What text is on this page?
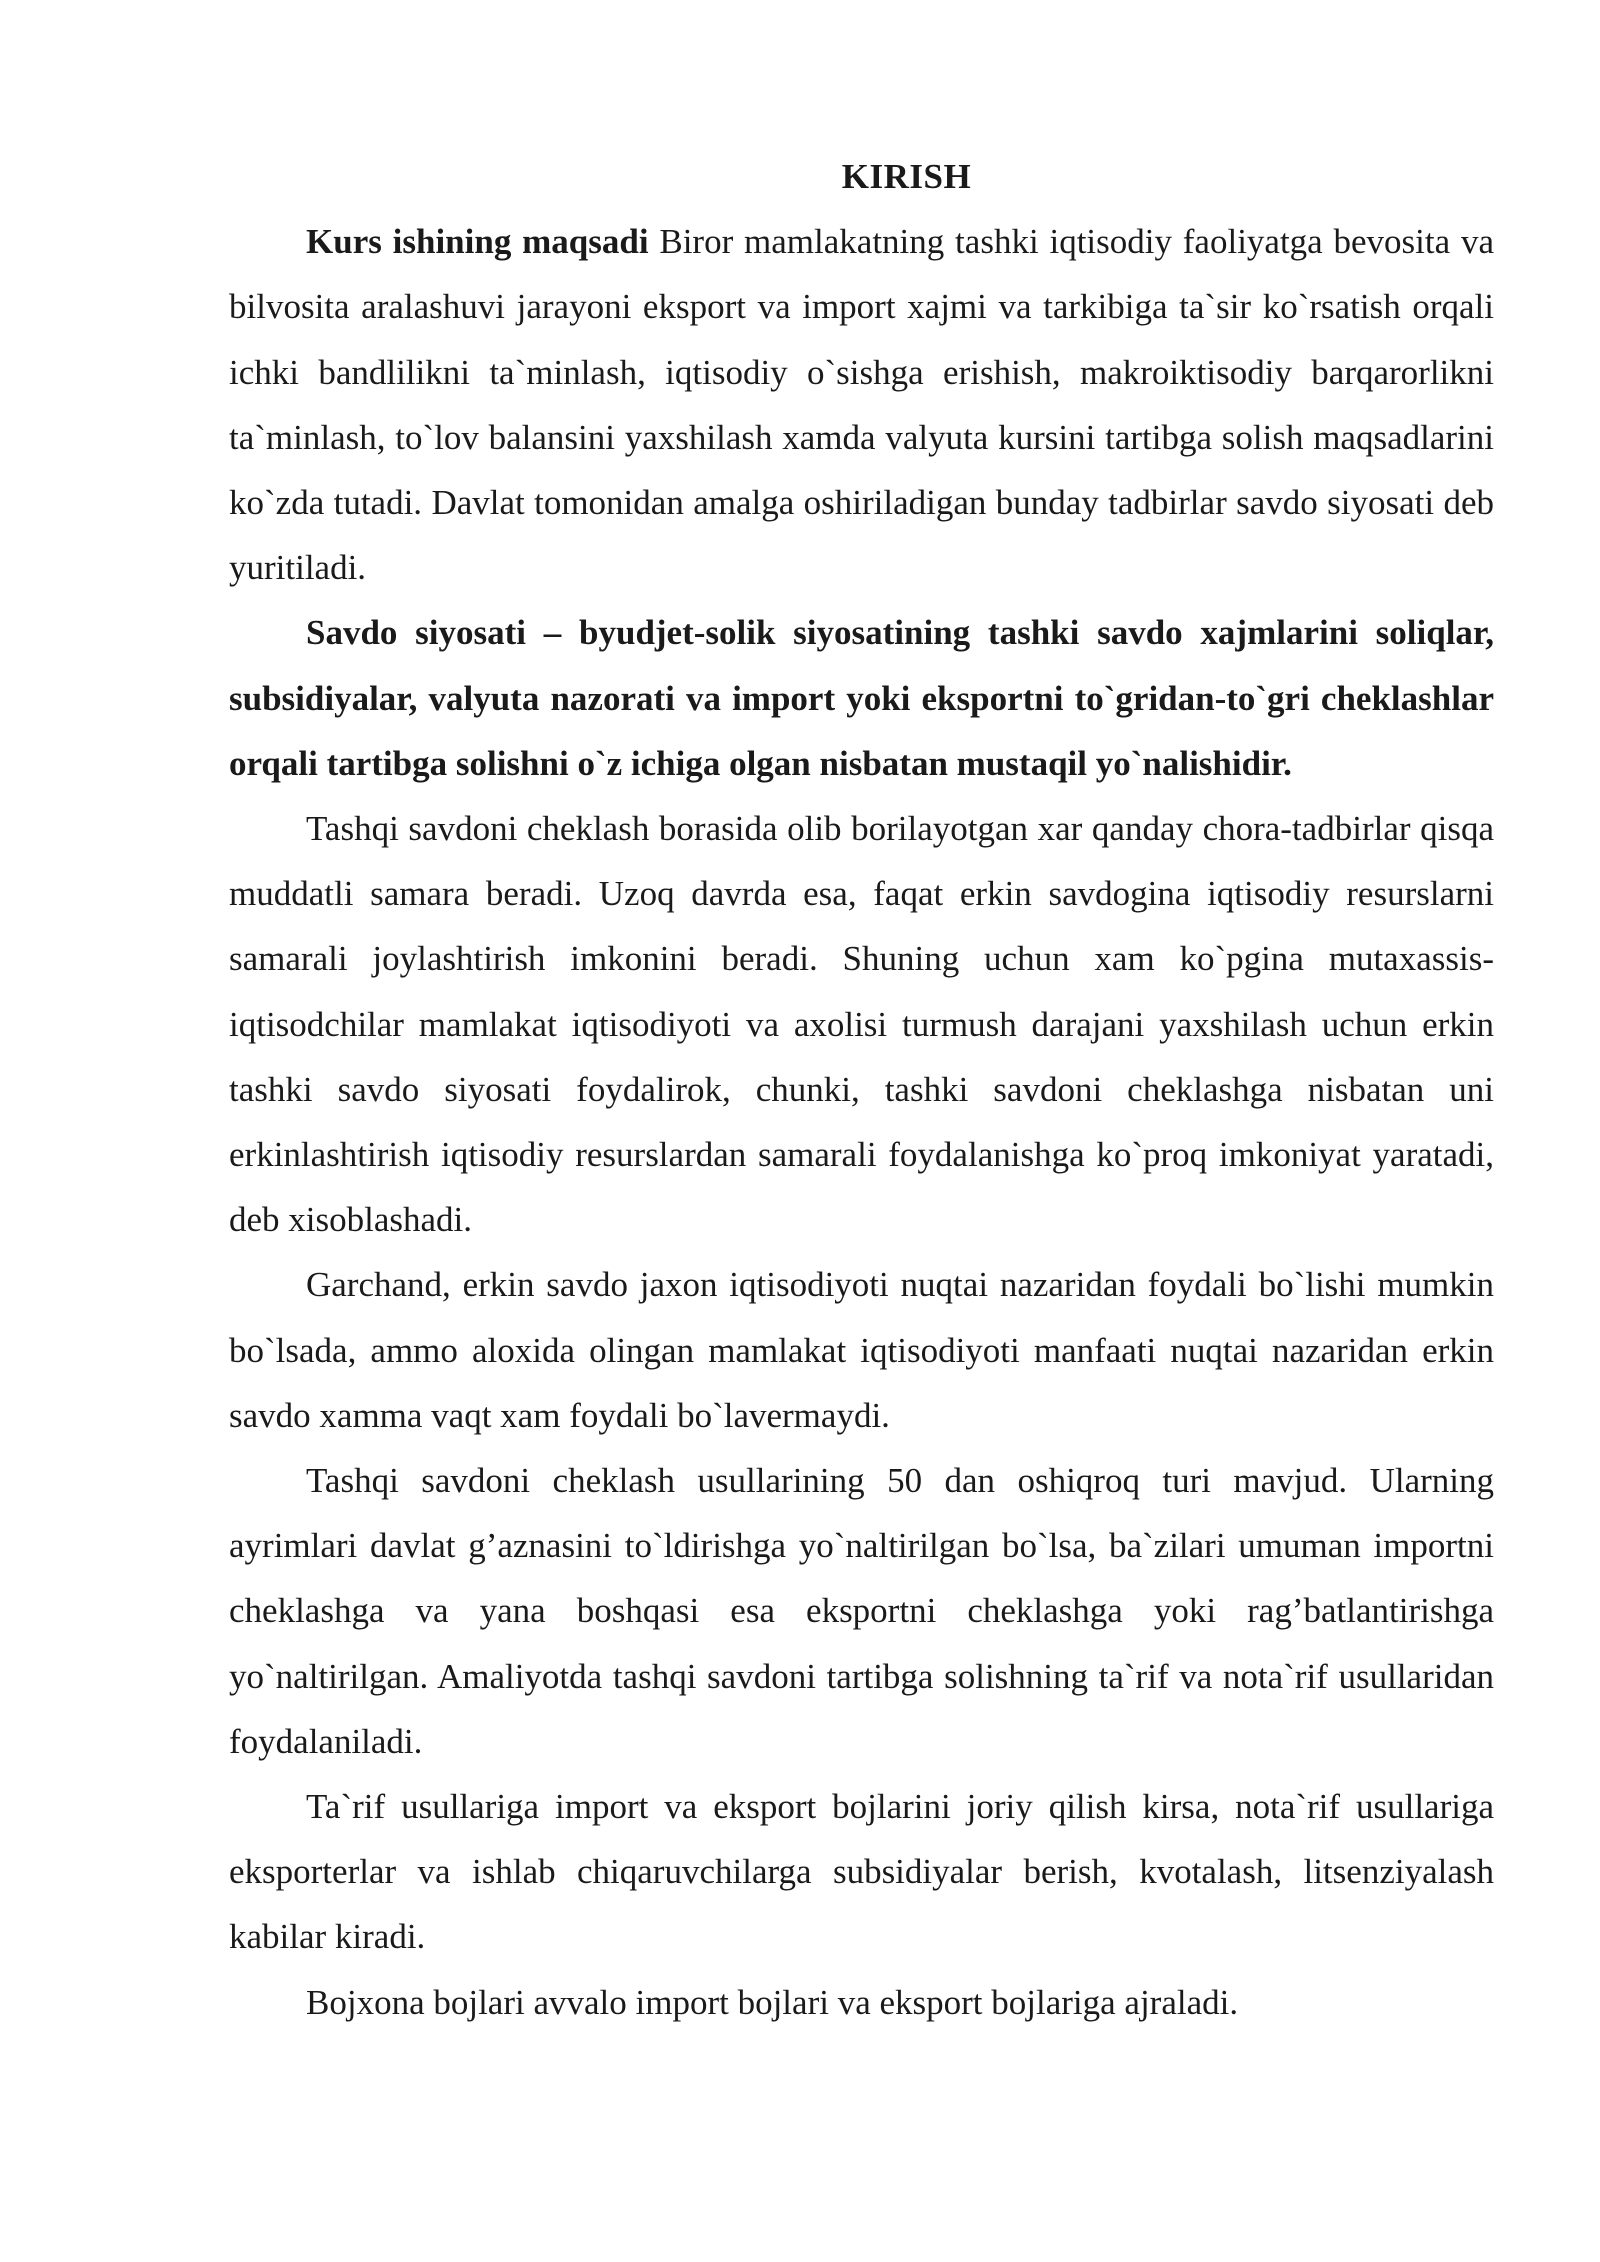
KIRISH

Kurs ishining maqsadi Biror mamlakatning tashki iqtisodiy faoliyatga bevosita va bilvosita aralashuvi jarayoni eksport va import xajmi va tarkibiga ta`sir ko`rsatish orqali ichki bandlilikni ta`minlash, iqtisodiy o`sishga erishish, makroiktisodiy barqarorlikni ta`minlash, to`lov balansini yaxshilash xamda valyuta kursini tartibga solish maqsadlarini ko`zda tutadi. Davlat tomonidan amalga oshiriladigan bunday tadbirlar savdo siyosati deb yuritiladi.

Savdo siyosati – byudjet-solik siyosatining tashki savdo xajmlarini soliqlar, subsidiyalar, valyuta nazorati va import yoki eksportni to`gridan-to`gri cheklashlar orqali tartibga solishni o`z ichiga olgan nisbatan mustaqil yo`nalishidir.

Tashqi savdoni cheklash borasida olib borilayotgan xar qanday chora-tadbirlar qisqa muddatli samara beradi. Uzoq davrda esa, faqat erkin savdogina iqtisodiy resurslarni samarali joylashtirish imkonini beradi. Shuning uchun xam ko`pgina mutaxassis-iqtisodchilar mamlakat iqtisodiyoti va axolisi turmush darajani yaxshilash uchun erkin tashki savdo siyosati foydalirok, chunki, tashki savdoni cheklashga nisbatan uni erkinlashtirish iqtisodiy resurslardan samarali foydalanishga ko`proq imkoniyat yaratadi, deb xisoblashadi.

Garchand, erkin savdo jaxon iqtisodiyoti nuqtai nazaridan foydali bo`lishi mumkin bo`lsada, ammo aloxida olingan mamlakat iqtisodiyoti manfaati nuqtai nazaridan erkin savdo xamma vaqt xam foydali bo`lavermaydi.

Tashqi savdoni cheklash usullarining 50 dan oshiqroq turi mavjud. Ularning ayrimlari davlat g’aznasini to`ldirishga yo`naltirilgan bo`lsa, ba`zilari umuman importni cheklashga va yana boshqasi esa eksportni cheklashga yoki rag’batlantirishga yo`naltirilgan. Amaliyotda tashqi savdoni tartibga solishning ta`rif va nota`rif usullaridan foydalaniladi.

Ta`rif usullariga import va eksport bojlarini joriy qilish kirsa, nota`rif usullariga eksporterlar va ishlab chiqaruvchilarga subsidiyalar berish, kvotalash, litsenziyalash kabilar kiradi.

Bojxona bojlari avvalo import bojlari va eksport bojlariga ajraladi.
